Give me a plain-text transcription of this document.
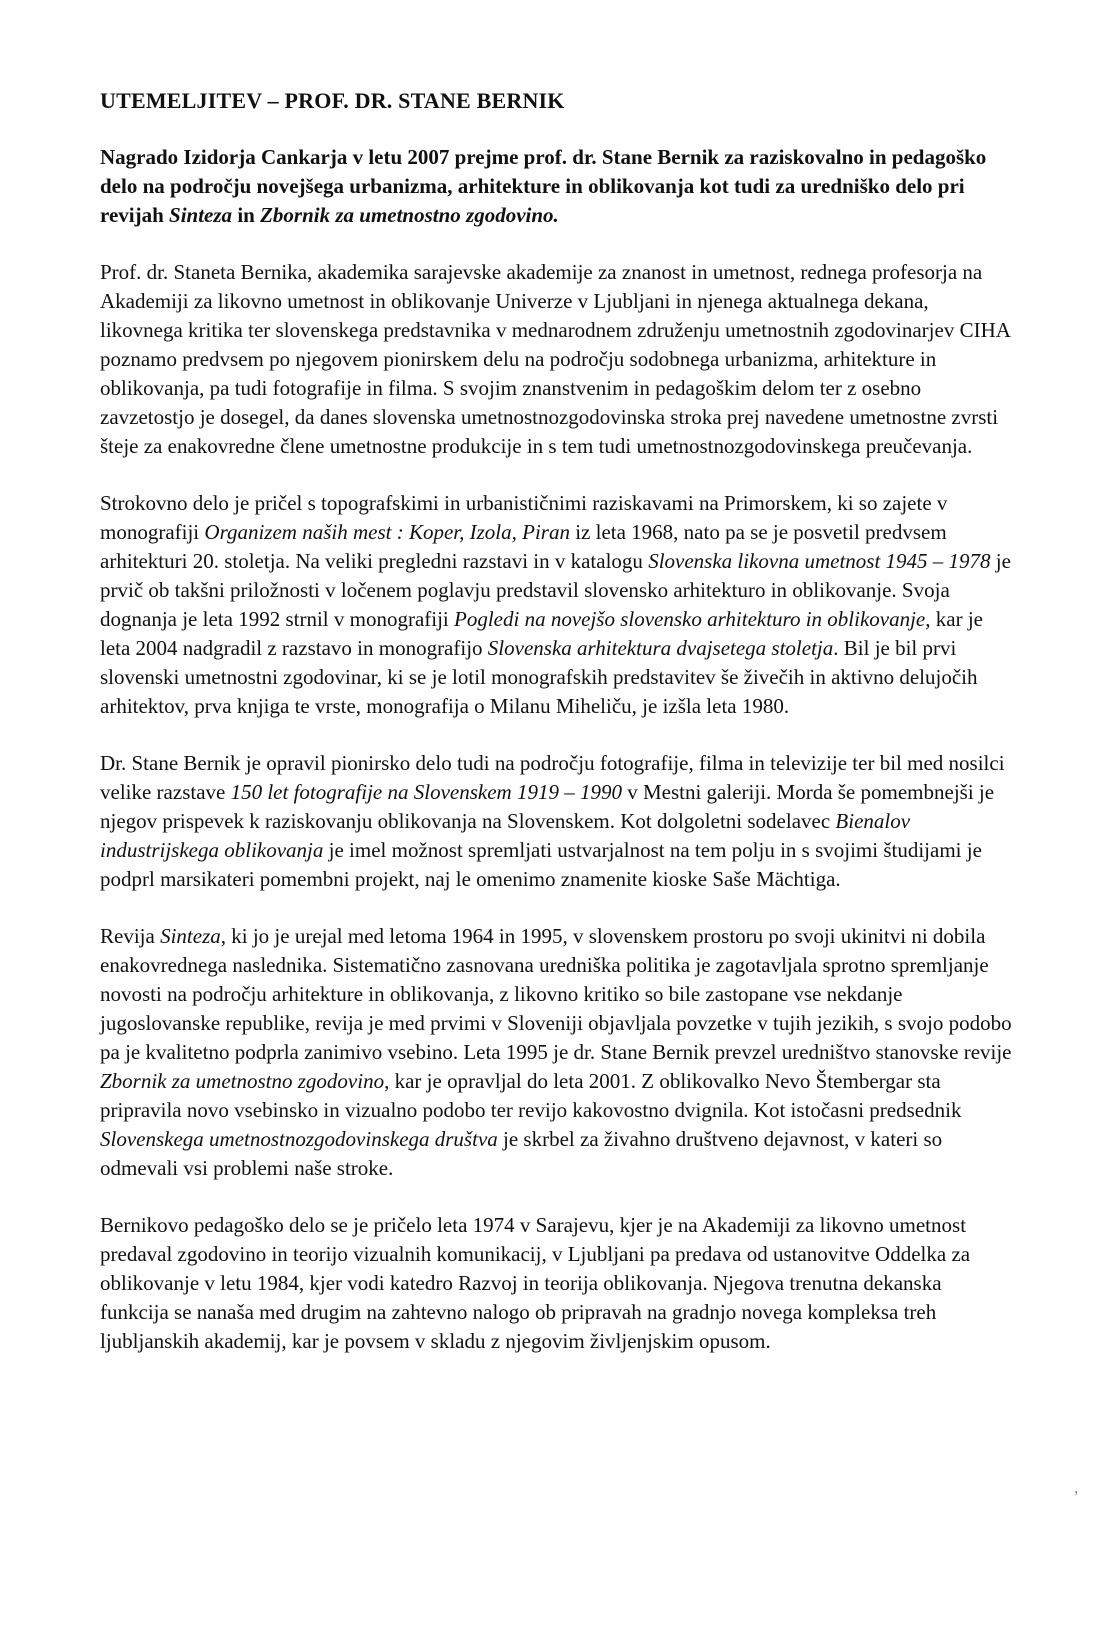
UTEMELJITEV – PROF. DR. STANE BERNIK

Nagrado Izidorja Cankarja v letu 2007 prejme prof. dr. Stane Bernik za raziskovalno in pedagoško delo na področju novejšega urbanizma, arhitekture in oblikovanja kot tudi za uredniško delo pri revijah Sinteza in Zbornik za umetnostno zgodovino.

Prof. dr. Staneta Bernika, akademika sarajevske akademije za znanost in umetnost, rednega profesorja na Akademiji za likovno umetnost in oblikovanje Univerze v Ljubljani in njenega aktualnega dekana, likovnega kritika ter slovenskega predstavnika v mednarodnem združenju umetnostnih zgodovinarjev CIHA poznamo predvsem po njegovem pionirskem delu na področju sodobnega urbanizma, arhitekture in oblikovanja, pa tudi fotografije in filma. S svojim znanstvenim in pedagoškim delom ter z osebno zavzetostjo je dosegel, da danes slovenska umetnostnozgodovinska stroka prej navedene umetnostne zvrsti šteje za enakovredne člene umetnostne produkcije in s tem tudi umetnostnozgodovinskega preučevanja.

Strokovno delo je pričel s topografskimi in urbanističnimi raziskavami na Primorskem, ki so zajete v monografiji Organizem naših mest : Koper, Izola, Piran iz leta 1968, nato pa se je posvetil predvsem arhitekturi 20. stoletja. Na veliki pregledni razstavi in v katalogu Slovenska likovna umetnost 1945 – 1978 je prvič ob takšni priložnosti v ločenem poglavju predstavil slovensko arhitekturo in oblikovanje. Svoja dognanja je leta 1992 strnil v monografiji Pogledi na novejšo slovensko arhitekturo in oblikovanje, kar je leta 2004 nadgradil z razstavo in monografijo Slovenska arhitektura dvajsetega stoletja. Bil je bil prvi slovenski umetnostni zgodovinar, ki se je lotil monografskih predstavitev še živečih in aktivno delujočih arhitektov, prva knjiga te vrste, monografija o Milanu Miheliču, je izšla leta 1980.

Dr. Stane Bernik je opravil pionirsko delo tudi na področju fotografije, filma in televizije ter bil med nosilci velike razstave 150 let fotografije na Slovenskem 1919 – 1990 v Mestni galeriji. Morda še pomembnejši je njegov prispevek k raziskovanju oblikovanja na Slovenskem. Kot dolgoletni sodelavec Bienalov industrijskega oblikovanja je imel možnost spremljati ustvarjalnost na tem polju in s svojimi študijami je podprl marsikateri pomembni projekt, naj le omenimo znamenite kioske Saše Mächtiga.

Revija Sinteza, ki jo je urejal med letoma 1964 in 1995, v slovenskem prostoru po svoji ukinitvi ni dobila enakovrednega naslednika. Sistematično zasnovana uredniška politika je zagotavljala sprotno spremljanje novosti na področju arhitekture in oblikovanja, z likovno kritiko so bile zastopane vse nekdanje jugoslovanske republike, revija je med prvimi v Sloveniji objavljala povzetke v tujih jezikih, s svojo podobo pa je kvalitetno podprla zanimivo vsebino. Leta 1995 je dr. Stane Bernik prevzel uredništvo stanovske revije Zbornik za umetnostno zgodovino, kar je opravljal do leta 2001. Z oblikovalko Nevo Štembergar sta pripravila novo vsebinsko in vizualno podobo ter revijo kakovostno dvignila. Kot istočasni predsednik Slovenskega umetnostnozgodovinskega društva je skrbel za živahno društveno dejavnost, v kateri so odmevali vsi problemi naše stroke.

Bernikovo pedagoško delo se je pričelo leta 1974 v Sarajevu, kjer je na Akademiji za likovno umetnost predaval zgodovino in teorijo vizualnih komunikacij, v Ljubljani pa predava od ustanovitve Oddelka za oblikovanje v letu 1984, kjer vodi katedro Razvoj in teorija oblikovanja. Njegova trenutna dekanska funkcija se nanaša med drugim na zahtevno nalogo ob pripravah na gradnjo novega kompleksa treh ljubljanskih akademij, kar je povsem v skladu z njegovim življenjskim opusom.

,
